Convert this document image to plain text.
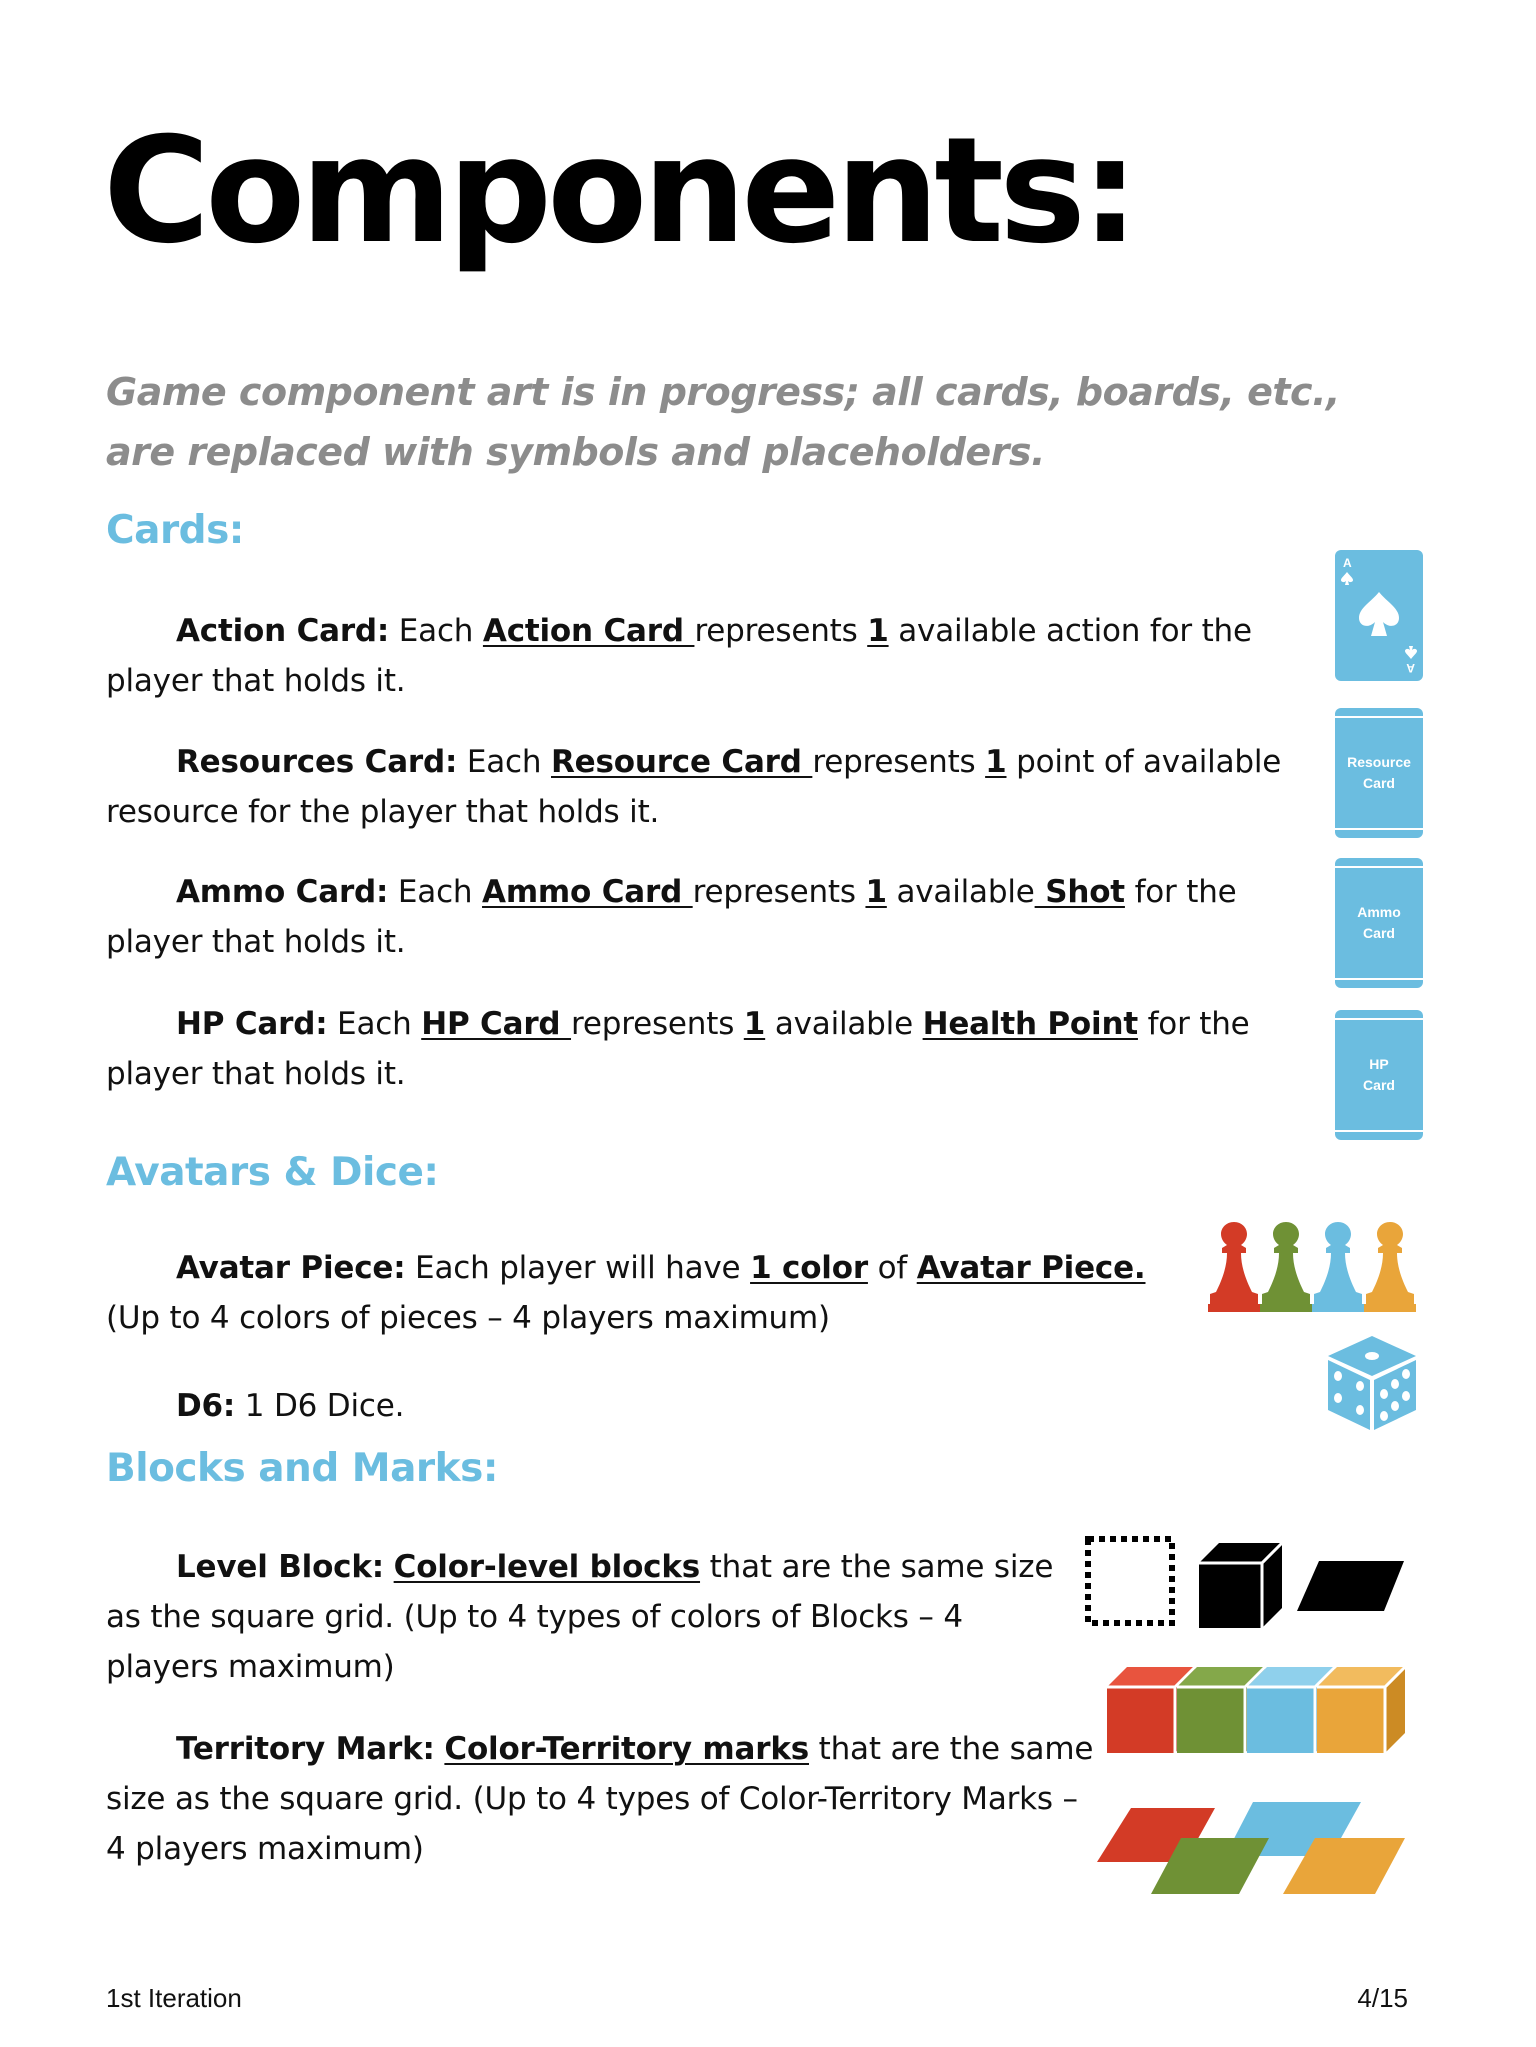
Components:

Game component art is in progress; all cards, boards, etc., are replaced with symbols and placeholders.

Cards:

Action Card: Each Action Card represents 1 available action for the player that holds it.

Resources Card: Each Resource Card represents 1 point of available resource for the player that holds it.

Ammo Card: Each Ammo Card represents 1 available Shot for the player that holds it.

HP Card: Each HP Card represents 1 available Health Point for the player that holds it.

A
A
Resource
Card
Ammo
Card
HP
Card
Avatars & Dice:

Avatar Piece: Each player will have 1 color of Avatar Piece. (Up to 4 colors of pieces – 4 players maximum)

D6: 1 D6 Dice.

Blocks and Marks:

Level Block: Color-level blocks that are the same size as the square grid. (Up to 4 types of colors of Blocks – 4 players maximum)

Territory Mark: Color-Territory marks that are the same size as the square grid. (Up to 4 types of Color-Territory Marks – 4 players maximum)

1st Iteration	4/15
